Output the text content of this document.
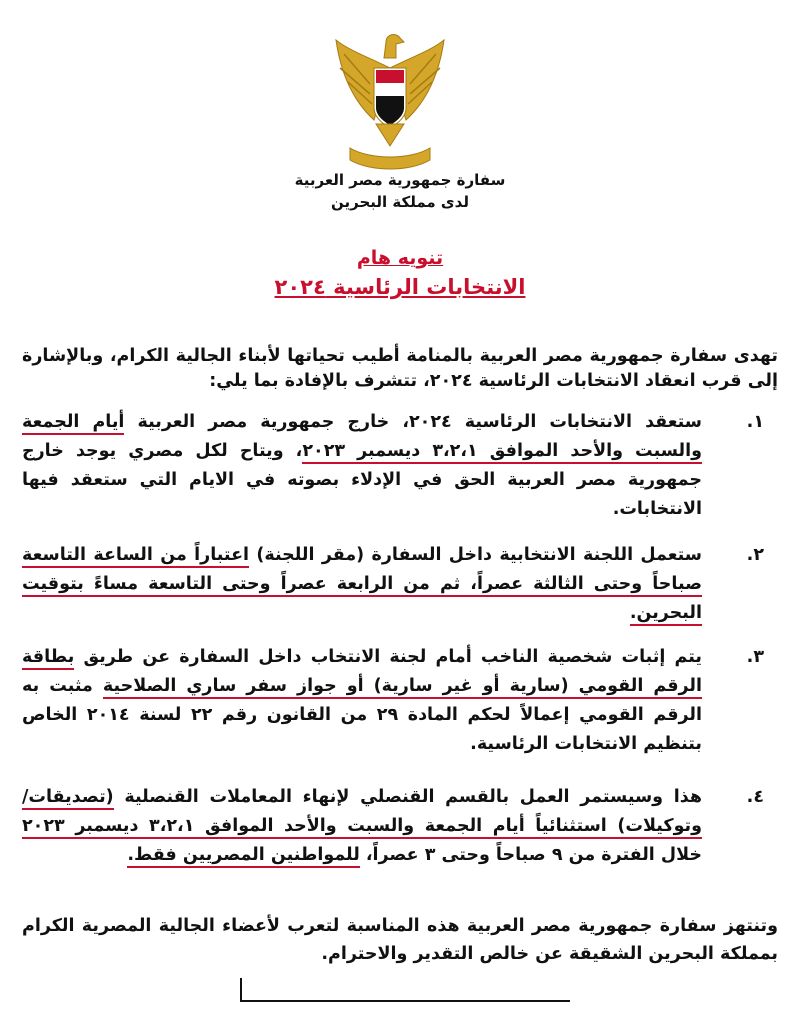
سفارة جمهورية مصر العربية
لدى مملكة البحرين
تنويه هام
الانتخابات الرئاسية ٢٠٢٤
تهدى سفارة جمهورية مصر العربية بالمنامة أطيب تحياتها لأبناء الجالية الكرام، وبالإشارة إلى قرب انعقاد الانتخابات الرئاسية ٢٠٢٤، تتشرف بالإفادة بما يلي:
١.
ستعقد الانتخابات الرئاسية ٢٠٢٤، خارج جمهورية مصر العربية أيام الجمعة والسبت والأحد الموافق ٣،٢،١ ديسمبر ٢٠٢٣، ويتاح لكل مصري يوجد خارج جمهورية مصر العربية الحق في الإدلاء بصوته في الايام التي ستعقد فيها الانتخابات.
٢.
ستعمل اللجنة الانتخابية داخل السفارة (مقر اللجنة) اعتباراً من الساعة التاسعة صباحاً وحتى الثالثة عصراً، ثم من الرابعة عصراً وحتى التاسعة مساءً بتوقيت البحرين.
٣.
يتم إثبات شخصية الناخب أمام لجنة الانتخاب داخل السفارة عن طريق بطاقة الرقم القومي (سارية أو غير سارية) أو جواز سفر ساري الصلاحية مثبت به الرقم القومي إعمالاً لحكم المادة ٢٩ من القانون رقم ٢٢ لسنة ٢٠١٤ الخاص بتنظيم الانتخابات الرئاسية.
٤.
هذا وسيستمر العمل بالقسم القنصلي لإنهاء المعاملات القنصلية (تصديقات/ وتوكيلات) استثنائياً أيام الجمعة والسبت والأحد الموافق ٣،٢،١ ديسمبر ٢٠٢٣ خلال الفترة من ٩ صباحاً وحتى ٣ عصراً، للمواطنين المصريين فقط.
وتنتهز سفارة جمهورية مصر العربية هذه المناسبة لتعرب لأعضاء الجالية المصرية الكرام بمملكة البحرين الشقيقة عن خالص التقدير والاحترام.
